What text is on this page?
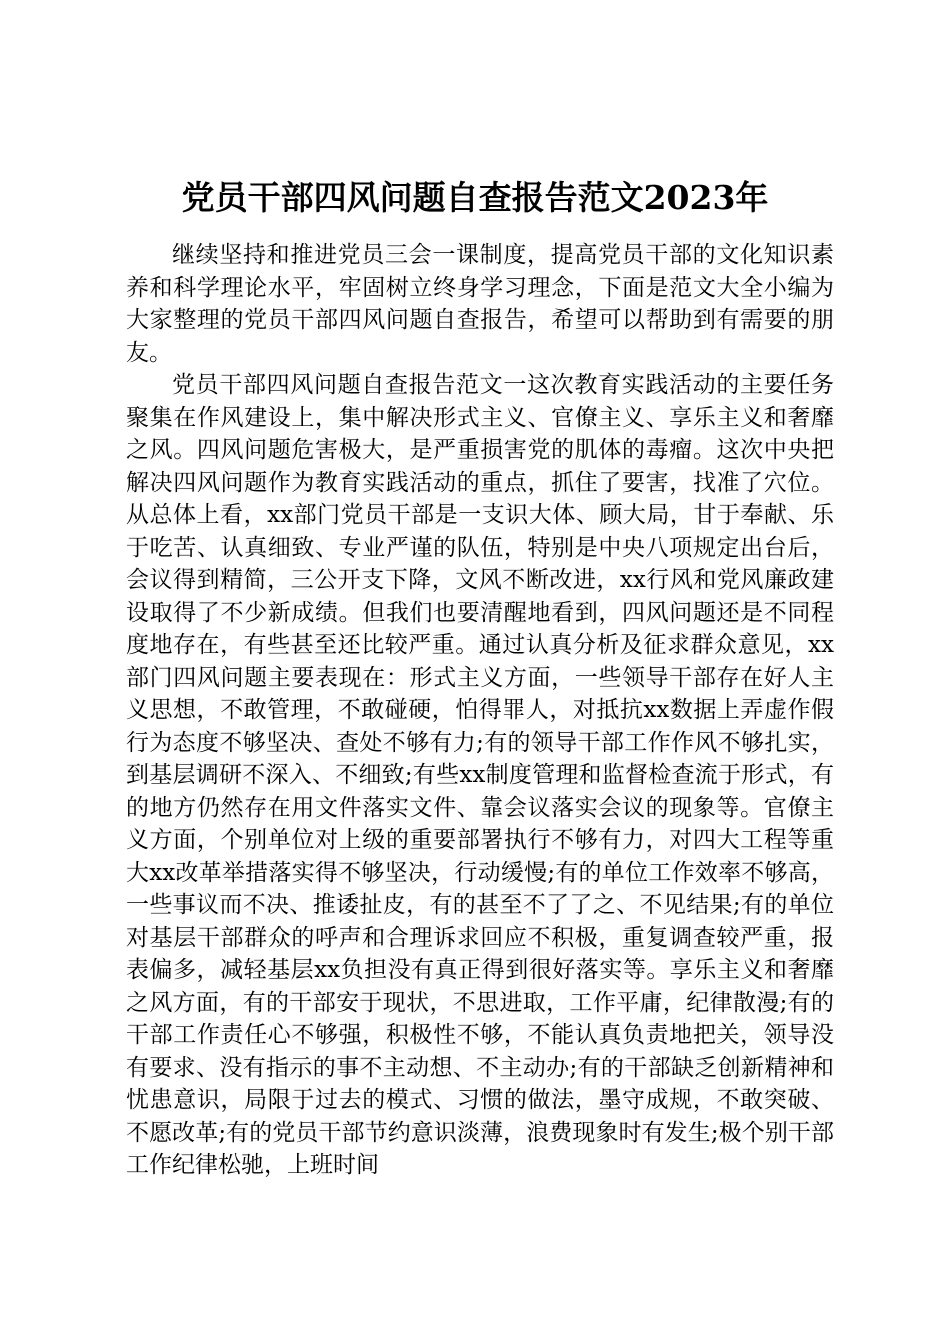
党员干部四风问题自查报告范文2023年

继续坚持和推进党员三会一课制度，提高党员干部的文化知识素养和科学理论水平，牢固树立终身学习理念，下面是范文大全小编为大家整理的党员干部四风问题自查报告，希望可以帮助到有需要的朋友。

党员干部四风问题自查报告范文一这次教育实践活动的主要任务聚集在作风建设上，集中解决形式主义、官僚主义、享乐主义和奢靡之风。四风问题危害极大，是严重损害党的肌体的毒瘤。这次中央把解决四风问题作为教育实践活动的重点，抓住了要害，找准了穴位。从总体上看，xx部门党员干部是一支识大体、顾大局，甘于奉献、乐于吃苦、认真细致、专业严谨的队伍，特别是中央八项规定出台后，会议得到精简，三公开支下降，文风不断改进，xx行风和党风廉政建设取得了不少新成绩。但我们也要清醒地看到，四风问题还是不同程度地存在，有些甚至还比较严重。通过认真分析及征求群众意见，xx部门四风问题主要表现在：形式主义方面，一些领导干部存在好人主义思想，不敢管理，不敢碰硬，怕得罪人，对抵抗xx数据上弄虚作假行为态度不够坚决、查处不够有力;有的领导干部工作作风不够扎实，到基层调研不深入、不细致;有些xx制度管理和监督检查流于形式，有的地方仍然存在用文件落实文件、靠会议落实会议的现象等。官僚主义方面，个别单位对上级的重要部署执行不够有力，对四大工程等重大xx改革举措落实得不够坚决，行动缓慢;有的单位工作效率不够高，一些事议而不决、推诿扯皮，有的甚至不了了之、不见结果;有的单位对基层干部群众的呼声和合理诉求回应不积极，重复调查较严重，报表偏多，减轻基层xx负担没有真正得到很好落实等。享乐主义和奢靡之风方面，有的干部安于现状，不思进取，工作平庸，纪律散漫;有的干部工作责任心不够强，积极性不够，不能认真负责地把关，领导没有要求、没有指示的事不主动想、不主动办;有的干部缺乏创新精神和忧患意识，局限于过去的模式、习惯的做法，墨守成规，不敢突破、不愿改革;有的党员干部节约意识淡薄，浪费现象时有发生;极个别干部工作纪律松驰，上班时间
